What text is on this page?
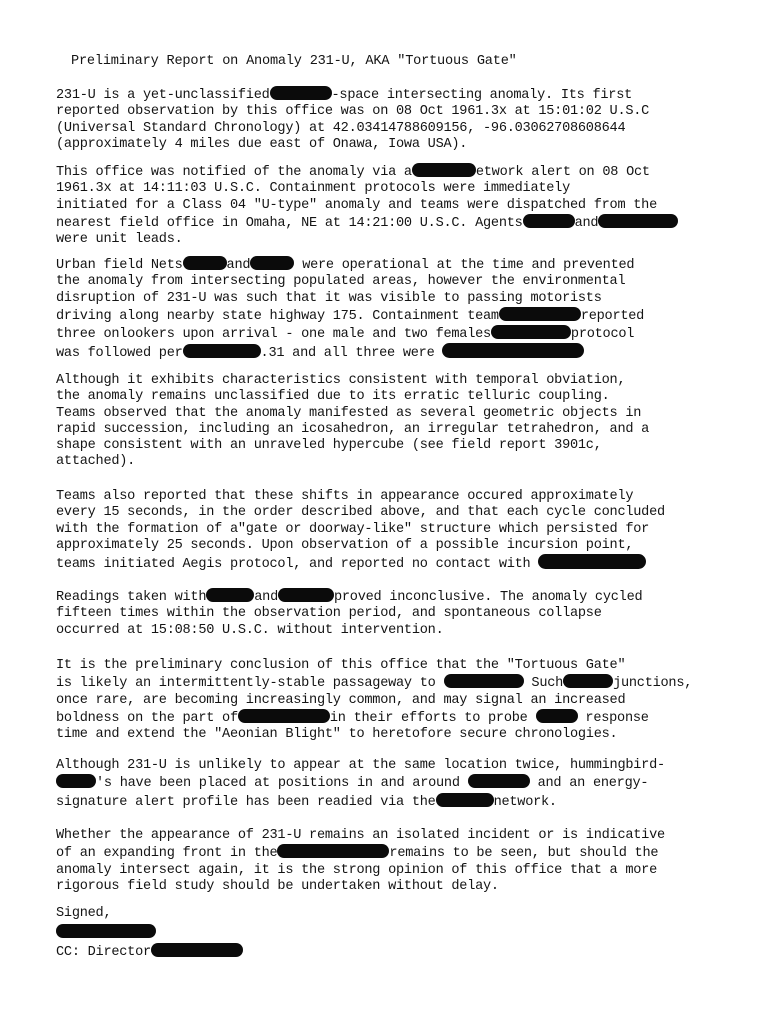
Preliminary Report on Anomaly 231-U, AKA "Tortuous Gate"
231-U is a yet-unclassified	-space intersecting anomaly. Its first
reported observation by this office was on 08 Oct 1961.3x at 15:01:02 U.S.C
(Universal Standard Chronology) at 42.03414788609156, -96.03062708608644
(approximately 4 miles due east of Onawa, Iowa USA).
This office was notified of the anomaly via a	etwork alert on 08 Oct
1961.3x at 14:11:03 U.S.C. Containment protocols were immediately
initiated for a Class 04 "U-type" anomaly and teams were dispatched from the
nearest field office in Omaha, NE at 14:21:00 U.S.C. Agents	and
were unit leads.
Urban field Nets	and	were operational at the time and prevented
the anomaly from intersecting populated areas, however the environmental
disruption of 231-U was such that it was visible to passing motorists
driving along nearby state highway 175. Containment team	reported
three onlookers upon arrival - one male and two females	protocol
was followed per	.31 and all three were
Although it exhibits characteristics consistent with temporal obviation,
the anomaly remains unclassified due to its erratic telluric coupling.
Teams observed that the anomaly manifested as several geometric objects in
rapid succession, including an icosahedron, an irregular tetrahedron, and a
shape consistent with an unraveled hypercube (see field report 3901c,
attached).
Teams also reported that these shifts in appearance occured approximately
every 15 seconds, in the order described above, and that each cycle concluded
with the formation of a"gate or doorway-like" structure which persisted for
approximately 25 seconds. Upon observation of a possible incursion point,
teams initiated Aegis protocol, and reported no contact with
Readings taken with	and	proved inconclusive. The anomaly cycled
fifteen times within the observation period, and spontaneous collapse
occurred at 15:08:50 U.S.C. without intervention.
It is the preliminary conclusion of this office that the "Tortuous Gate"
is likely an intermittently-stable passageway to	Such	junctions,
once rare, are becoming increasingly common, and may signal an increased
boldness on the part of	in their efforts to probe	response
time and extend the "Aeonian Blight" to heretofore secure chronologies.
Although 231-U is unlikely to appear at the same location twice, hummingbird-
's have been placed at positions in and around	and an energy-
signature alert profile has been readied via the	network.
Whether the appearance of 231-U remains an isolated incident or is indicative
of an expanding front in the	remains to be seen, but should the
anomaly intersect again, it is the strong opinion of this office that a more
rigorous field study should be undertaken without delay.
Signed,
CC: Director
